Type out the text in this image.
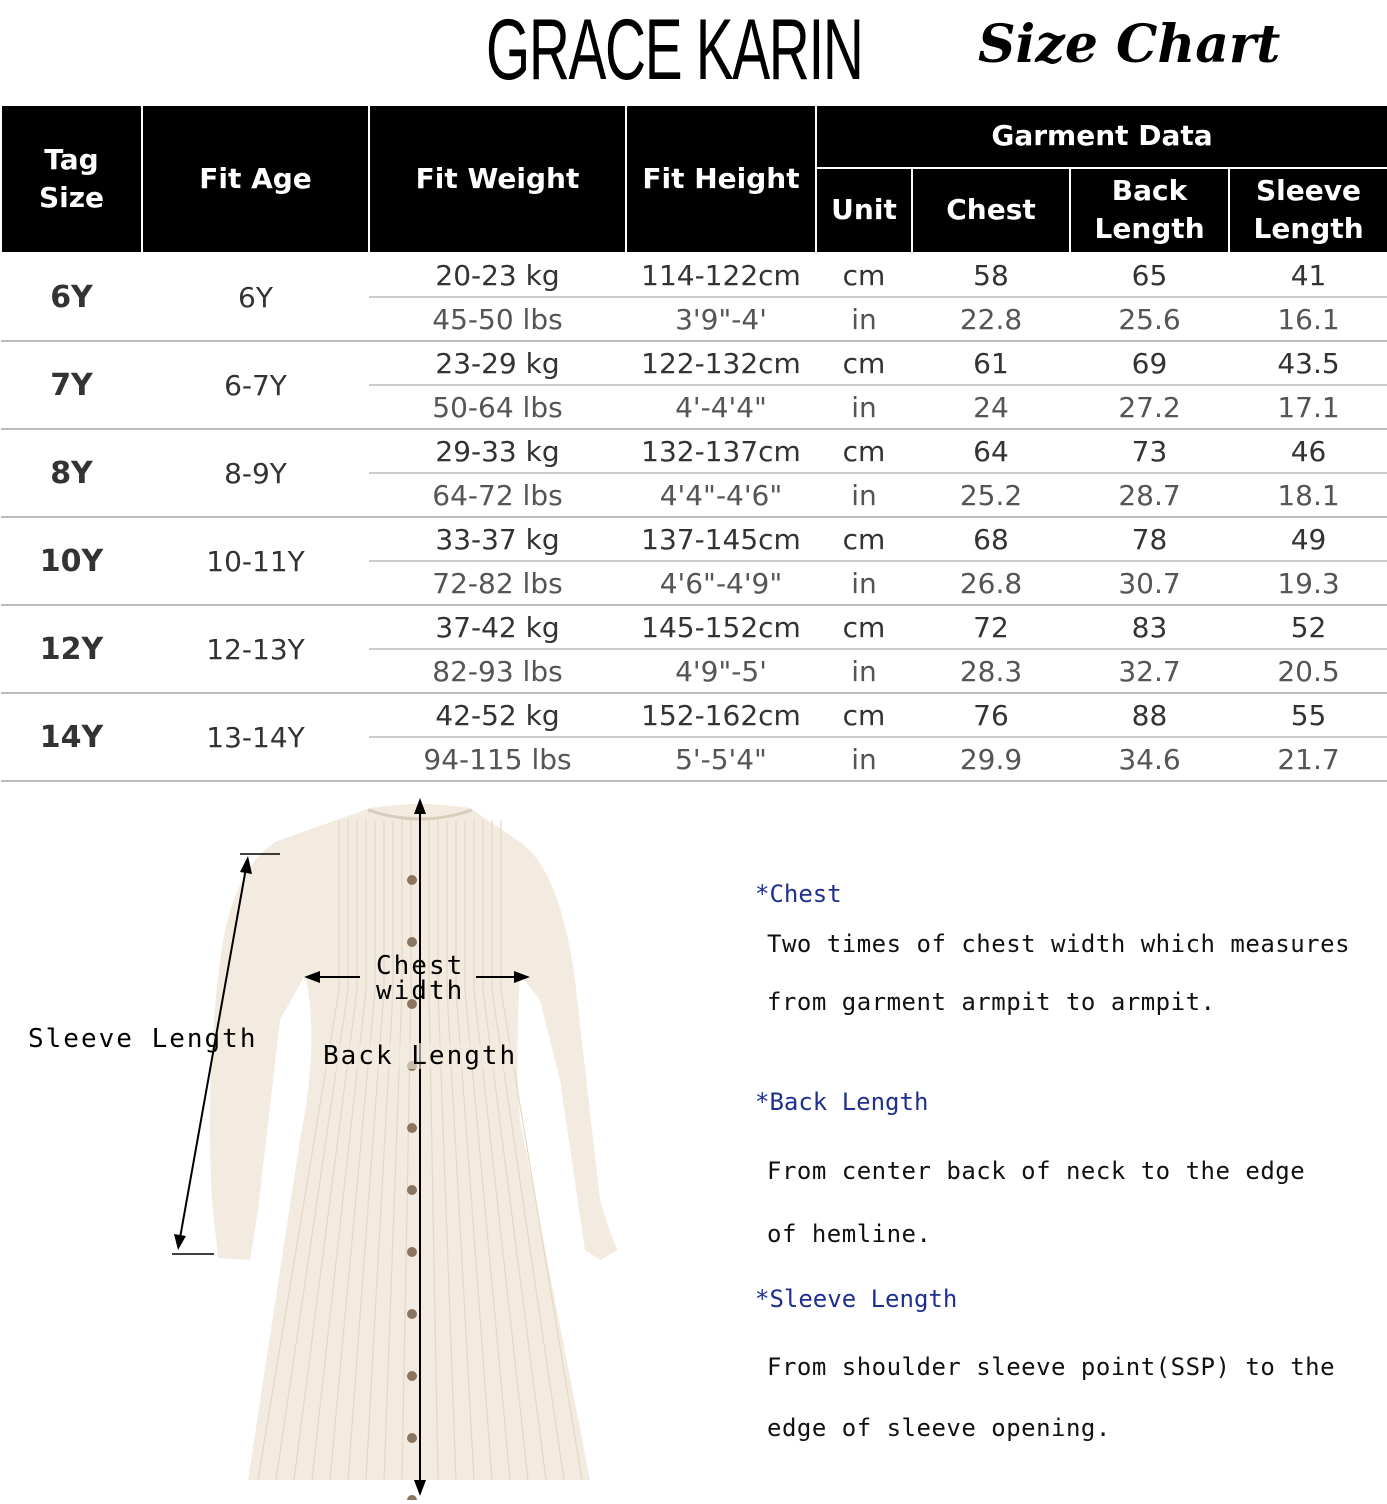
GRACE KARIN Size Chart
Tag Size	Fit Age	Fit Weight	Fit Height	Garment Data			
				Unit	Chest	Back Length	Sleeve Length
6Y	6Y	20-23 kg	114-122cm	cm	58	65	41
		45-50 lbs	3'9"-4'	in	22.8	25.6	16.1
7Y	6-7Y	23-29 kg	122-132cm	cm	61	69	43.5
		50-64 lbs	4'-4'4"	in	24	27.2	17.1
8Y	8-9Y	29-33 kg	132-137cm	cm	64	73	46
		64-72 lbs	4'4"-4'6"	in	25.2	28.7	18.1
10Y	10-11Y	33-37 kg	137-145cm	cm	68	78	49
		72-82 lbs	4'6"-4'9"	in	26.8	30.7	19.3
12Y	12-13Y	37-42 kg	145-152cm	cm	72	83	52
		82-93 lbs	4'9"-5'	in	28.3	32.7	20.5
14Y	13-14Y	42-52 kg	152-162cm	cm	76	88	55
		94-115 lbs	5'-5'4"	in	29.9	34.6	21.7
Chest
width
Back Length
Sleeve Length
*Chest
Two times of chest width which measures
from garment armpit to armpit.
*Back Length
From center back of neck to the edge
of hemline.
*Sleeve Length
From shoulder sleeve point(SSP) to the
edge of sleeve opening.
